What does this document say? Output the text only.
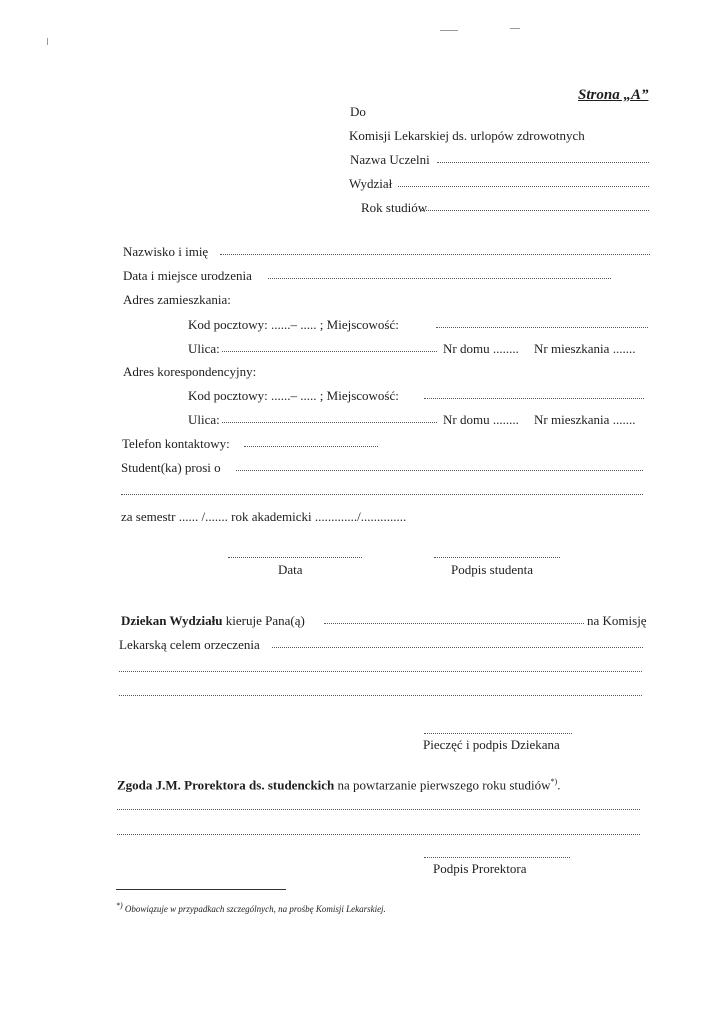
Strona „A”
Do
Komisji Lekarskiej ds. urlopów zdrowotnych
Nazwa Uczelni
Wydział
Rok studiów
Nazwisko i imię
Data i miejsce urodzenia
Adres zamieszkania:
Kod pocztowy: ......– ..... ; Miejscowość:
Ulica:	Nr domu ........ Nr mieszkania .......
Adres korespondencyjny:
Kod pocztowy: ......– ..... ; Miejscowość:
Ulica:	Nr domu ........ Nr mieszkania .......
Telefon kontaktowy:
Student(ka) prosi o
za semestr ...... /....... rok akademicki ............./..............
Data	Podpis studenta
Dziekan Wydziału kieruje Pana(ą)	na Komisję
Lekarską celem orzeczenia
Pieczęć i podpis Dziekana
Zgoda J.M. Prorektora ds. studenckich na powtarzanie pierwszego roku studiów*).
Podpis Prorektora
*) Obowiązuje w przypadkach szczególnych, na prośbę Komisji Lekarskiej.
